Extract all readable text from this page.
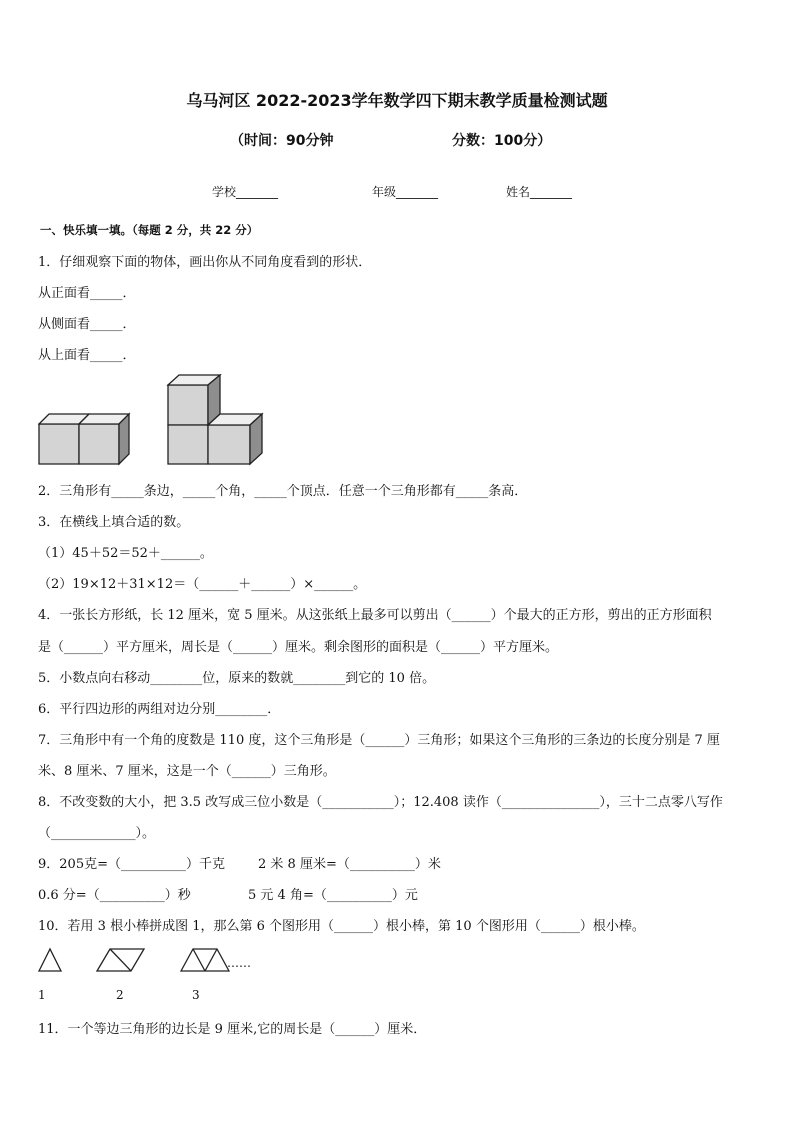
乌马河区 2022-2023学年数学四下期末教学质量检测试题
（时间：90分钟	分数：100分）
学校_______	年级_______	姓名_______
一、快乐填一填。（每题 2 分，共 22 分）
1．仔细观察下面的物体，画出你从不同角度看到的形状．
从正面看_____．
从侧面看_____．
从上面看_____．
2．三角形有_____条边，_____个角，_____个顶点．任意一个三角形都有_____条高．
3．在横线上填合适的数。
（1）45＋52＝52＋______。
（2）19×12＋31×12＝（______＋______）×______。
4．一张长方形纸，长 12 厘米，宽 5 厘米。从这张纸上最多可以剪出（______）个最大的正方形，剪出的正方形面积
是（______）平方厘米，周长是（______）厘米。剩余图形的面积是（______）平方厘米。
5．小数点向右移动________位，原来的数就________到它的 10 倍。
6．平行四边形的两组对边分别________．
7．三角形中有一个角的度数是 110 度，这个三角形是（______）三角形；如果这个三角形的三条边的长度分别是 7 厘
米、8 厘米、7 厘米，这是一个（______）三角形。
8．不改变数的大小，把 3.5 改写成三位小数是（___________）；12.408 读作（_______________），三十二点零八写作
（_____________）。
9．205克=（__________）千克	2 米 8 厘米=（__________）米
0.6 分=（__________）秒	5 元 4 角=（__________）元
10．若用 3 根小棒拼成图 1，那么第 6 个图形用（______）根小棒，第 10 个图形用（______）根小棒。
……
1	2	3
11．一个等边三角形的边长是 9 厘米,它的周长是（______）厘米．
